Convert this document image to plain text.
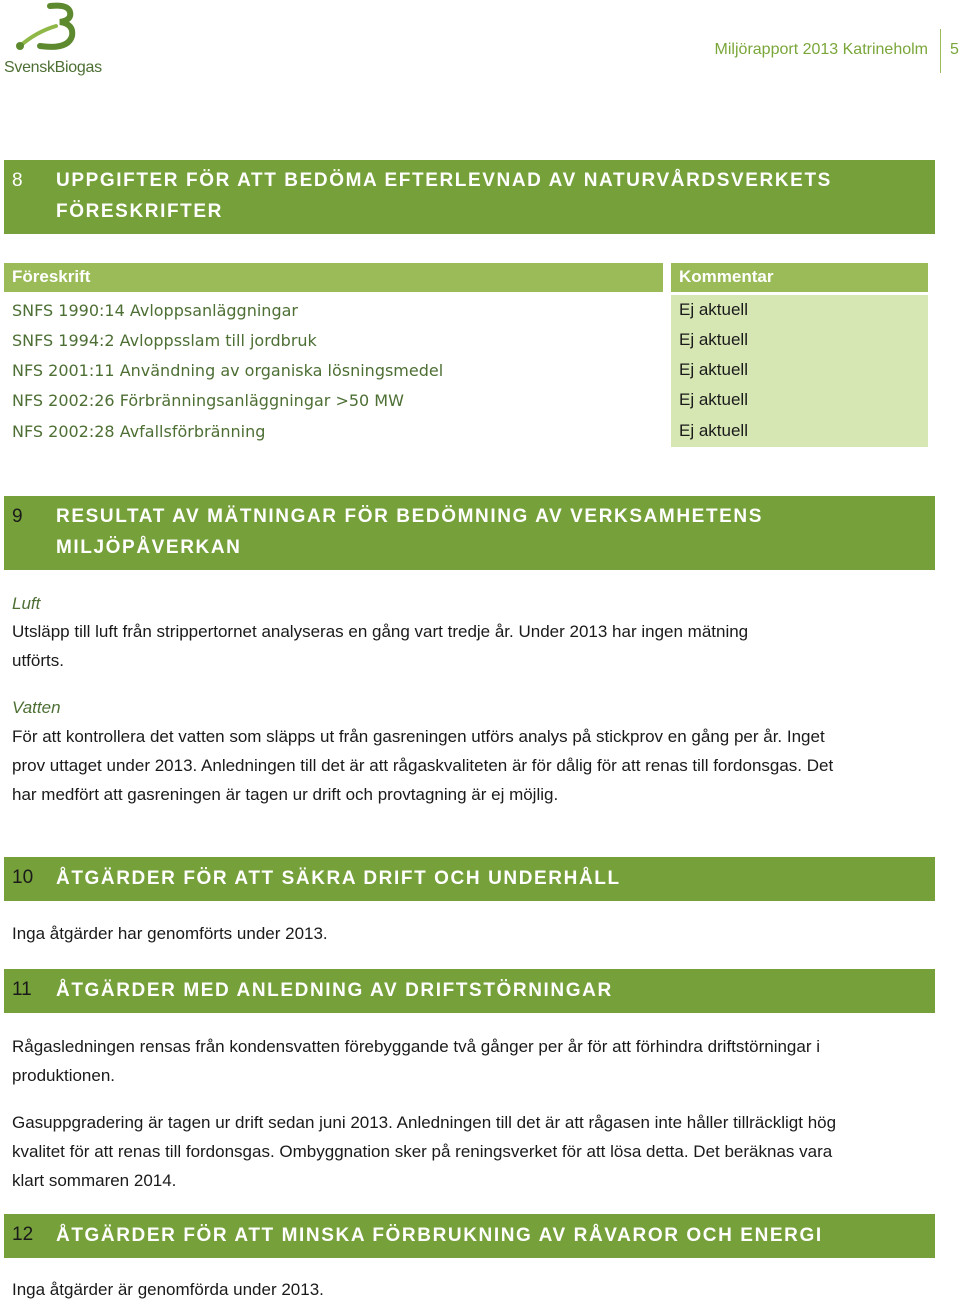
SvenskBiogas
Miljörapport 2013 Katrineholm 5
8 UPPGIFTER FÖR ATT BEDÖMA EFTERLEVNAD AV NATURVÅRDSVERKETS
FÖRESKRIFTER
Föreskrift	Kommentar
SNFS 1990:14 Avloppsanläggningar
SNFS 1994:2 Avloppsslam till jordbruk
NFS 2001:11 Användning av organiska lösningsmedel
NFS 2002:26 Förbränningsanläggningar >50 MW
NFS 2002:28 Avfallsförbränning
Ej aktuell
Ej aktuell
Ej aktuell
Ej aktuell
Ej aktuell
9 RESULTAT AV MÄTNINGAR FÖR BEDÖMNING AV VERKSAMHETENS
MILJÖPÅVERKAN
Luft
Utsläpp till luft från strippertornet analyseras en gång vart tredje år. Under 2013 har ingen mätning
utförts.
Vatten
För att kontrollera det vatten som släpps ut från gasreningen utförs analys på stickprov en gång per år. Inget
prov uttaget under 2013. Anledningen till det är att rågaskvaliteten är för dålig för att renas till fordonsgas. Det
har medfört att gasreningen är tagen ur drift och provtagning är ej möjlig.
10 ÅTGÄRDER FÖR ATT SÄKRA DRIFT OCH UNDERHÅLL
Inga åtgärder har genomförts under 2013.
11 ÅTGÄRDER MED ANLEDNING AV DRIFTSTÖRNINGAR
Rågasledningen rensas från kondensvatten förebyggande två gånger per år för att förhindra driftstörningar i
produktionen.
Gasuppgradering är tagen ur drift sedan juni 2013. Anledningen till det är att rågasen inte håller tillräckligt hög
kvalitet för att renas till fordonsgas. Ombyggnation sker på reningsverket för att lösa detta. Det beräknas vara
klart sommaren 2014.
12 ÅTGÄRDER FÖR ATT MINSKA FÖRBRUKNING AV RÅVAROR OCH ENERGI
Inga åtgärder är genomförda under 2013.
